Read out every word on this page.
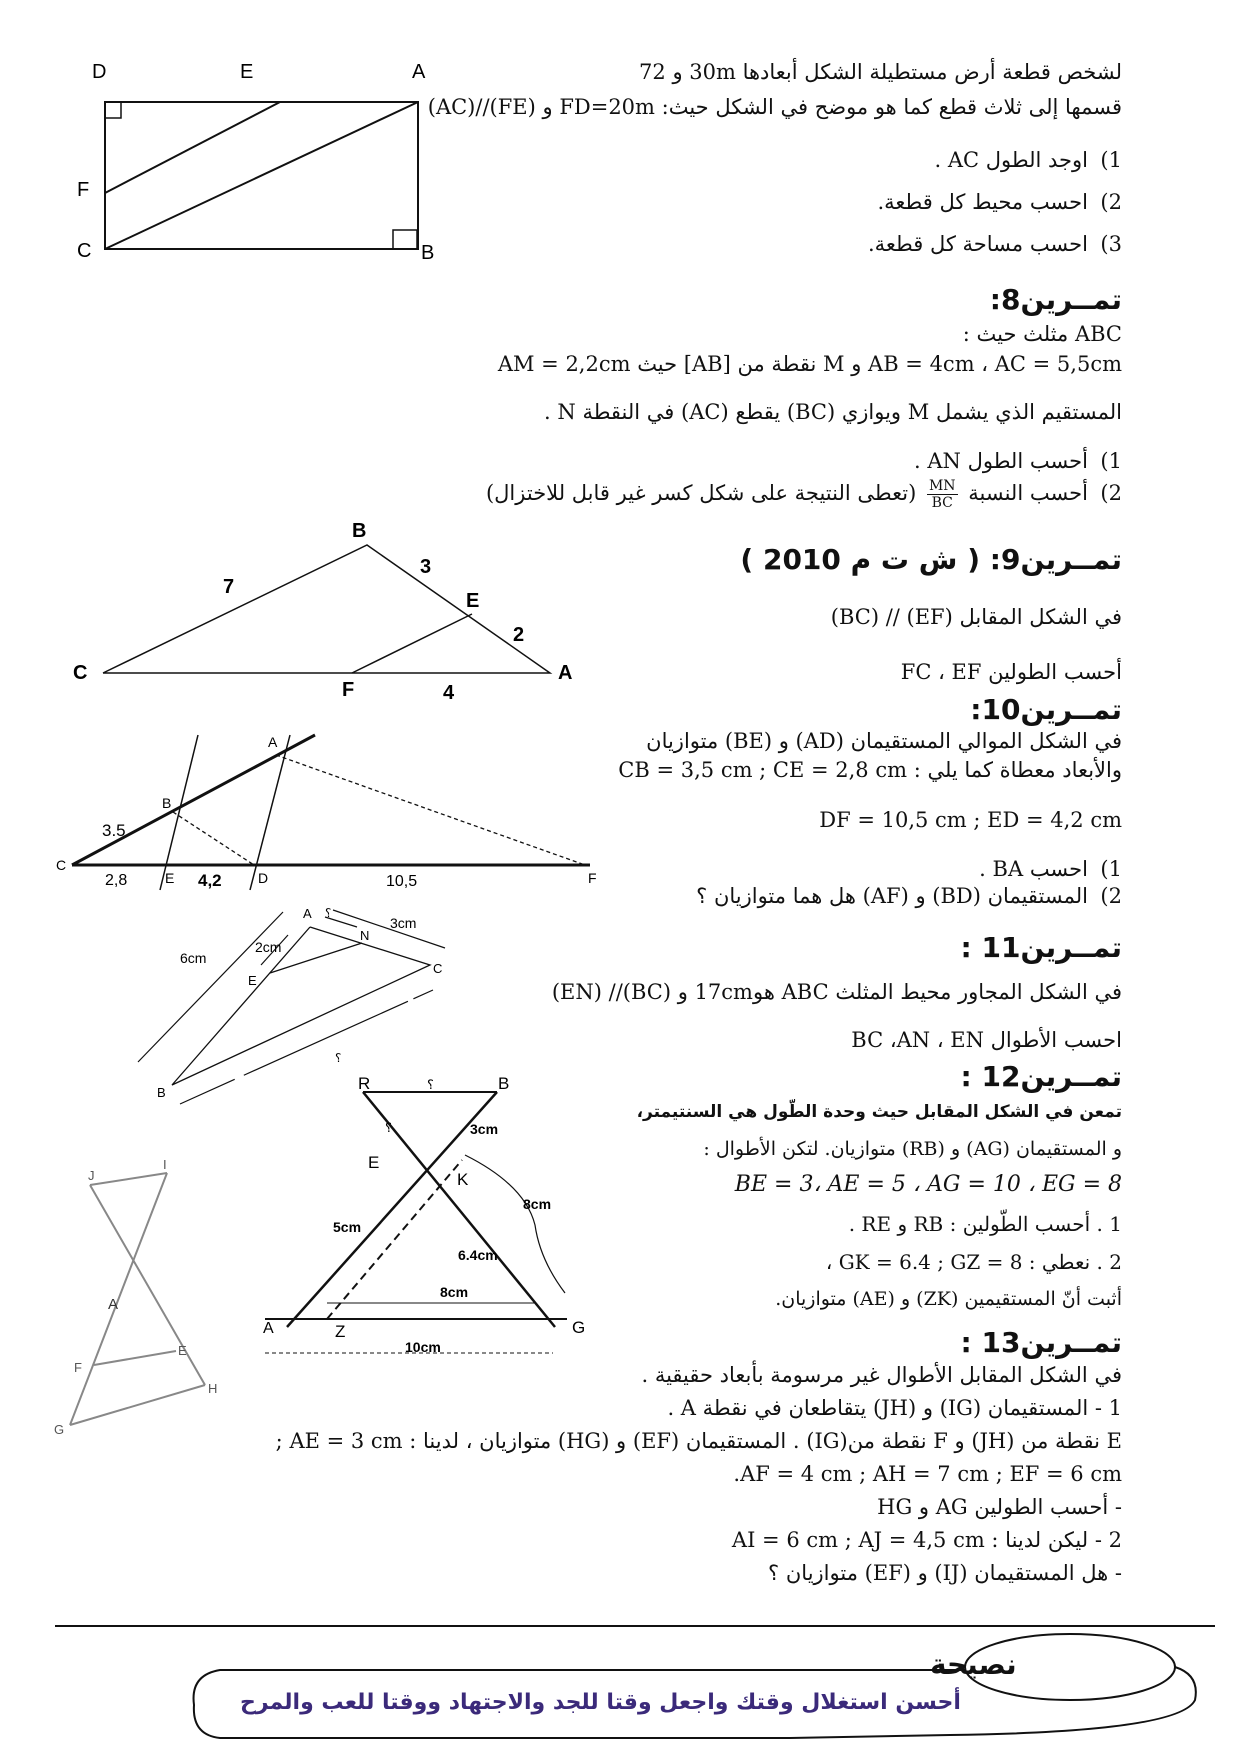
D	E	A
F
C	B
لشخص قطعة أرض مستطيلة الشكل أبعادها 30m و 72
قسمها إلى ثلاث قطع كما هو موضح في الشكل حيث: FD=20m و (FE)//(AC)
1)اوجد الطول AC .
2)احسب محيط كل قطعة.
3)احسب مساحة كل قطعة.
تمــرين8:
ABC مثلث حيث :
AB = 4cm ، AC = 5,5cm و M نقطة من [AB] حيث AM = 2,2cm
المستقيم الذي يشمل M ويوازي (BC) يقطع (AC) في النقطة N .
1)أحسب الطول AN .
2)أحسب النسبة
$\frac{MN}{BC}$
(تعطى النتيجة على شكل كسر غير قابل للاختزال)
B
C
E
A
F
7
3
2
4
تمــرين9: ( ش ت م 2010 )
في الشكل المقابل (EF) // (BC)
أحسب الطولين FC ، EF
A
B
C
E	D	F
3.5
2,8	4,2	10,5
تمــرين10:
في الشكل الموالي المستقيمان (AD) و (BE) متوازيان
والأبعاد معطاة كما يلي : CB = 3,5 cm ; CE = 2,8 cm
DF = 10,5 cm ; ED = 4,2 cm
1)احسب BA .
2)المستقيمان (BD) و (AF) هل هما متوازيان ؟
A
N
E
C
B
6cm
2cm
3cm
؟
؟
تمــرين11 :
في الشكل المجاور محيط المثلث ABC هو17cm و (BC)// (EN)
احسب الأطوال BC ،AN ، EN
R	B
E
K
A	Z	G
3cm
5cm
8cm
6.4cm
8cm
10cm
؟
؟
تمــرين12 :
تمعن في الشكل المقابل حيث وحدة الطّول هي السنتيمتر،
و المستقيمان (AG) و (RB) متوازيان. لتكن الأطوال :
BE = 3، AE = 5 ، AG = 10 ، EG = 8
1 . أحسب الطّولين : RB و RE .
2 . نعطي : GK = 6.4 ; GZ = 8 ،
أثبت أنّ المستقيمين (ZK) و (AE) متوازيان.
J
I
A
E
F
H
G
تمــرين13 :
في الشكل المقابل الأطوال غير مرسومة بأبعاد حقيقية .
1 - المستقيمان (IG) و (JH) يتقاطعان في نقطة A .
E نقطة من (JH) و F نقطة من(IG) . المستقيمان (EF) و (HG) متوازيان ، لدينا : AE = 3 cm ;
AF = 4 cm ; AH = 7 cm ; EF = 6 cm.
- أحسب الطولين AG و HG
2 - ليكن لدينا : AI = 6 cm ; AJ = 4,5 cm
- هل المستقيمان (IJ) و (EF) متوازيان ؟
نصيحة
أحسن استغلال وقتك واجعل وقتا للجد والاجتهاد ووقتا للعب والمرح
